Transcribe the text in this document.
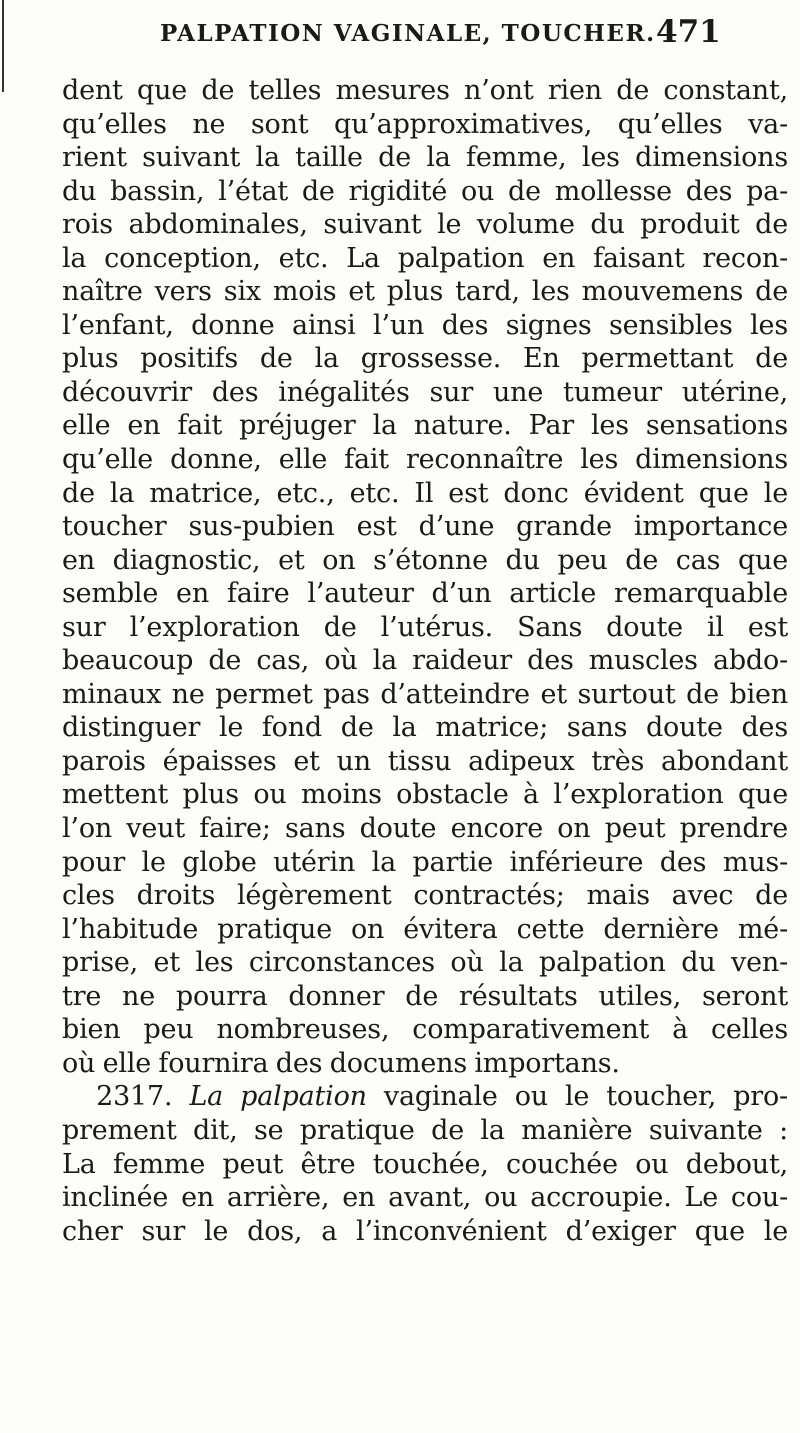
PALPATION VAGINALE, TOUCHER. 471
dent que de telles mesures n’ont rien de constant,
qu’elles ne sont qu’approximatives, qu’elles va-
rient suivant la taille de la femme, les dimensions
du bassin, l’état de rigidité ou de mollesse des pa-
rois abdominales, suivant le volume du produit de
la conception, etc. La palpation en faisant recon-
naître vers six mois et plus tard, les mouvemens de
l’enfant, donne ainsi l’un des signes sensibles les
plus positifs de la grossesse. En permettant de
découvrir des inégalités sur une tumeur utérine,
elle en fait préjuger la nature. Par les sensations
qu’elle donne, elle fait reconnaître les dimensions
de la matrice, etc., etc. Il est donc évident que le
toucher sus-pubien est d’une grande importance
en diagnostic, et on s’étonne du peu de cas que
semble en faire l’auteur d’un article remarquable
sur l’exploration de l’utérus. Sans doute il est
beaucoup de cas, où la raideur des muscles abdo-
minaux ne permet pas d’atteindre et surtout de bien
distinguer le fond de la matrice; sans doute des
parois épaisses et un tissu adipeux très abondant
mettent plus ou moins obstacle à l’exploration que
l’on veut faire; sans doute encore on peut prendre
pour le globe utérin la partie inférieure des mus-
cles droits légèrement contractés; mais avec de
l’habitude pratique on évitera cette dernière mé-
prise, et les circonstances où la palpation du ven-
tre ne pourra donner de résultats utiles, seront
bien peu nombreuses, comparativement à celles
où elle fournira des documens importans.
2317. La palpation vaginale ou le toucher, pro-
prement dit, se pratique de la manière suivante :
La femme peut être touchée, couchée ou debout,
inclinée en arrière, en avant, ou accroupie. Le cou-
cher sur le dos, a l’inconvénient d’exiger que le
